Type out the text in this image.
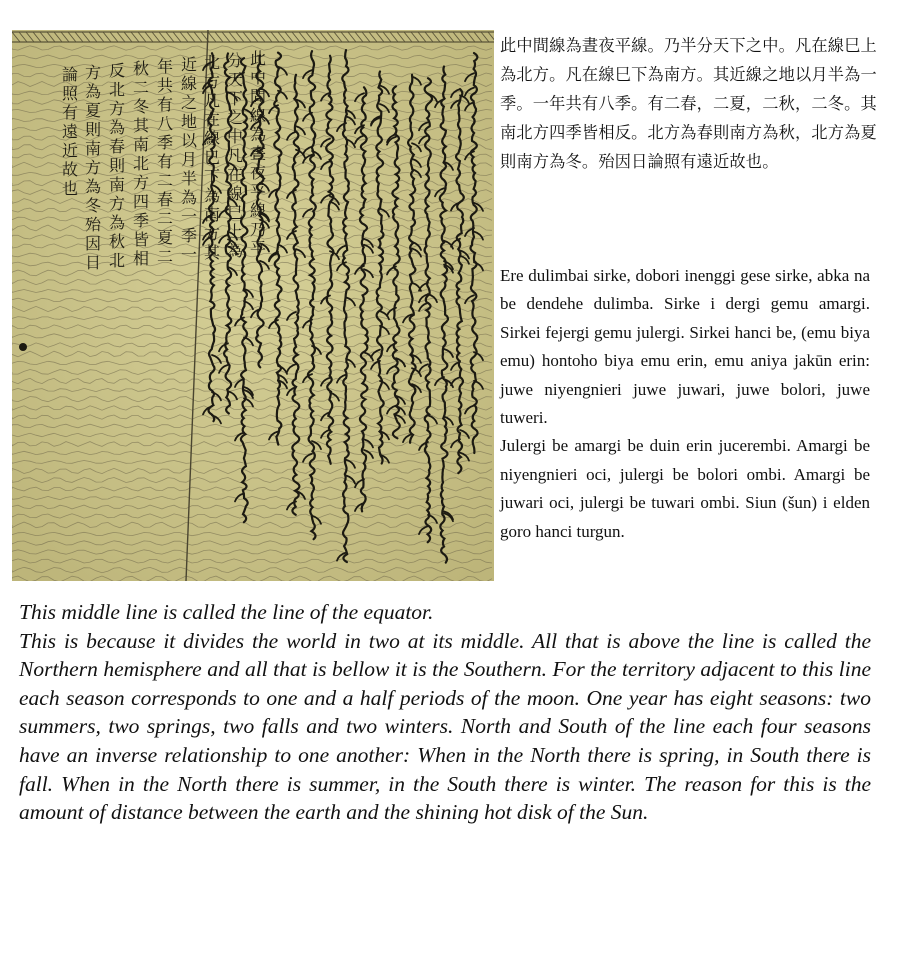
此
中
間
線
為
晝
夜
平
線
乃
平
分
天
下
之
中
凡
在
線
巳
上
為
北
方
凡
在
線
巳
下
為
南
方
其
近
線
之
地
以
月
半
為
一
季
一
年
共
有
八
季
有
二
春
二
夏
二
秋
二
冬
其
南
北
方
四
季
皆
相
反
北
方
為
春
則
南
方
為
秋
北
方
為
夏
則
南
方
為
冬
殆
因
日
論
照
有
遠
近
故
也
此中間線為晝夜平線。乃半分天下之中。凡在線巳上為北方。凡在線巳下為南方。其近線之地以月半為一季。一年共有八季。有二春，二夏，二秋，二冬。其南北方四季皆相反。北方為春則南方為秋，北方為夏則南方為冬。殆因日論照有遠近故也。

Ere dulimbai sirke, dobori inenggi gese sirke, abka na be dendehe dulimba. Sirke i dergi gemu amargi. Sirkei fejergi gemu julergi. Sirkei hanci be, (emu biya emu) hontoho biya emu erin, emu aniya jakūn erin: juwe niyengnieri juwe juwari, juwe bolori, juwe tuweri.

Julergi be amargi be duin erin jucerembi. Amargi be niyengnieri oci, julergi be bolori ombi. Amargi be juwari oci, julergi be tuwari ombi. Siun (šun) i elden goro hanci turgun.

This middle line is called the line of the equator.

This is because it divides the world in two at its middle. All that is above the line is called the Northern hemisphere and all that is bellow it is the Southern. For the territory adjacent to this line each season corresponds to one and a half periods of the moon. One year has eight seasons: two summers, two springs, two falls and two winters. North and South of the line each four seasons have an inverse relationship to one another: When in the North there is spring, in South there is fall. When in the North there is summer, in the South there is winter. The reason for this is the amount of distance between the earth and the shining hot disk of the Sun.
